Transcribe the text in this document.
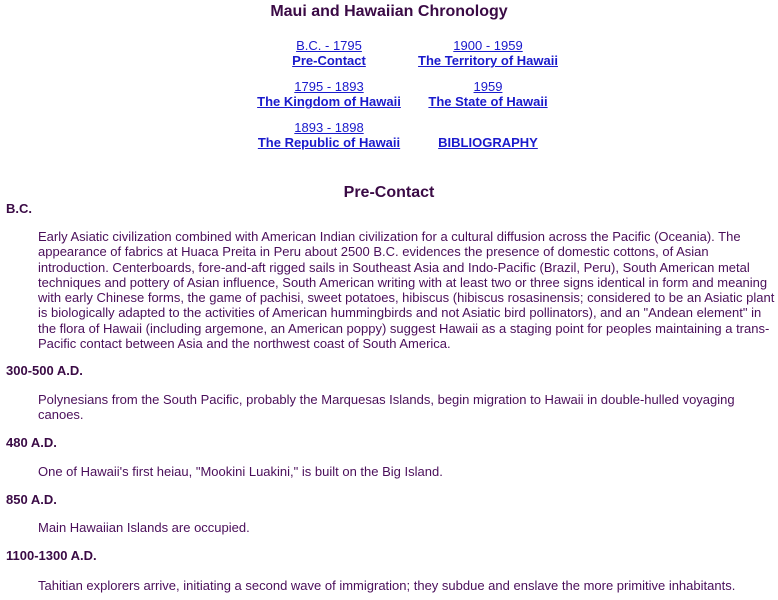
Maui and Hawaiian Chronology
B.C. - 1795
Pre-Contact
1900 - 1959
The Territory of Hawaii
1795 - 1893
The Kingdom of Hawaii
1959
The State of Hawaii
1893 - 1898
The Republic of Hawaii	BIBLIOGRAPHY
Pre-Contact
B.C.
Early Asiatic civilization combined with American Indian civilization for a cultural diffusion across the Pacific (Oceania). The appearance of fabrics at Huaca Preita in Peru about 2500 B.C. evidences the presence of domestic cottons, of Asian introduction. Centerboards, fore-and-aft rigged sails in Southeast Asia and Indo-Pacific (Brazil, Peru), South American metal techniques and pottery of Asian influence, South American writing with at least two or three signs identical in form and meaning with early Chinese forms, the game of pachisi, sweet potatoes, hibiscus (hibiscus rosasinensis; considered to be an Asiatic plant is biologically adapted to the activities of American hummingbirds and not Asiatic bird pollinators), and an "Andean element" in the flora of Hawaii (including argemone, an American poppy) suggest Hawaii as a staging point for peoples maintaining a trans-Pacific contact between Asia and the northwest coast of South America.
300-500 A.D.
Polynesians from the South Pacific, probably the Marquesas Islands, begin migration to Hawaii in double-hulled voyaging canoes.
480 A.D.
One of Hawaii's first heiau, "Mookini Luakini," is built on the Big Island.
850 A.D.
Main Hawaiian Islands are occupied.
1100-1300 A.D.
Tahitian explorers arrive, initiating a second wave of immigration; they subdue and enslave the more primitive inhabitants.
